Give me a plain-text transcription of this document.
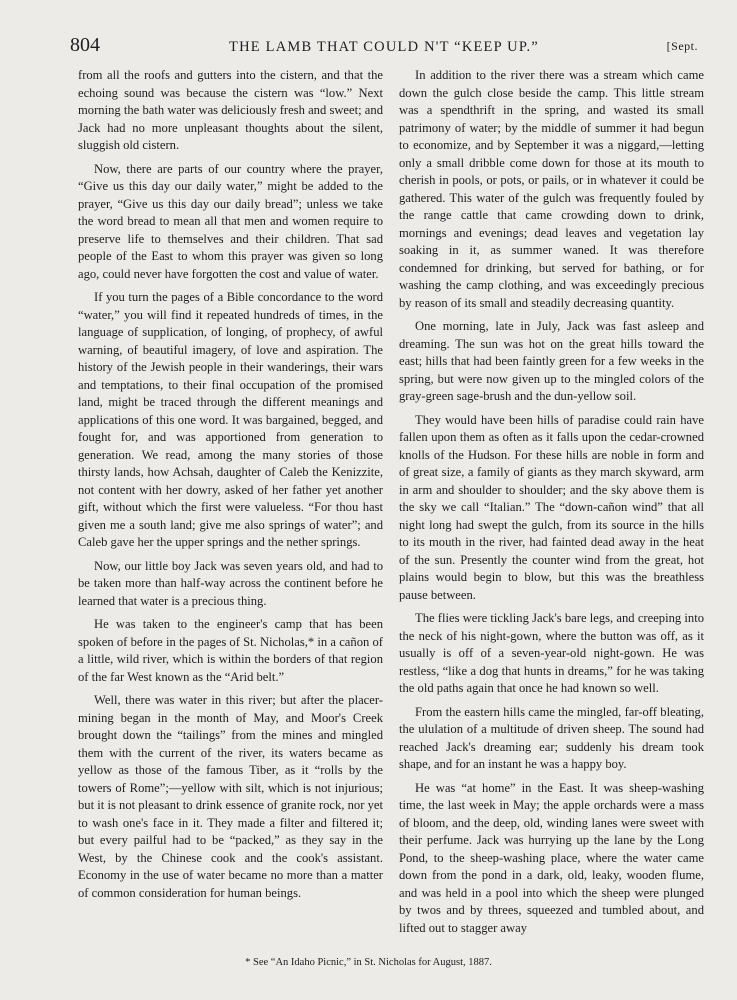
804	THE LAMB THAT COULD N'T “KEEP UP.”	[Sept.

from all the roofs and gutters into the cistern, and that the echoing sound was because the cistern was “low.” Next morning the bath water was deliciously fresh and sweet; and Jack had no more unpleasant thoughts about the silent, sluggish old cistern.

Now, there are parts of our country where the prayer, “Give us this day our daily water,” might be added to the prayer, “Give us this day our daily bread”; unless we take the word bread to mean all that men and women require to preserve life to themselves and their children. That sad people of the East to whom this prayer was given so long ago, could never have forgotten the cost and value of water.

If you turn the pages of a Bible concordance to the word “water,” you will find it repeated hundreds of times, in the language of supplication, of longing, of prophecy, of awful warning, of beautiful imagery, of love and aspiration. The history of the Jewish people in their wanderings, their wars and temptations, to their final occupation of the promised land, might be traced through the different meanings and applications of this one word. It was bargained, begged, and fought for, and was apportioned from generation to generation. We read, among the many stories of those thirsty lands, how Achsah, daughter of Caleb the Kenizzite, not content with her dowry, asked of her father yet another gift, without which the first were valueless. “For thou hast given me a south land; give me also springs of water”; and Caleb gave her the upper springs and the nether springs.

Now, our little boy Jack was seven years old, and had to be taken more than half-way across the continent before he learned that water is a precious thing.

He was taken to the engineer's camp that has been spoken of before in the pages of St. Nicholas,* in a cañon of a little, wild river, which is within the borders of that region of the far West known as the “Arid belt.”

Well, there was water in this river; but after the placer-mining began in the month of May, and Moor's Creek brought down the “tailings” from the mines and mingled them with the current of the river, its waters became as yellow as those of the famous Tiber, as it “rolls by the towers of Rome”;—yellow with silt, which is not injurious; but it is not pleasant to drink essence of granite rock, nor yet to wash one's face in it. They made a filter and filtered it; but every pailful had to be “packed,” as they say in the West, by the Chinese cook and the cook's assistant. Economy in the use of water became no more than a matter of common consideration for human beings.

In addition to the river there was a stream which came down the gulch close beside the camp. This little stream was a spendthrift in the spring, and wasted its small patrimony of water; by the middle of summer it had begun to economize, and by September it was a niggard,—letting only a small dribble come down for those at its mouth to cherish in pools, or pots, or pails, or in whatever it could be gathered. This water of the gulch was frequently fouled by the range cattle that came crowding down to drink, mornings and evenings; dead leaves and vegetation lay soaking in it, as summer waned. It was therefore condemned for drinking, but served for bathing, or for washing the camp clothing, and was exceedingly precious by reason of its small and steadily decreasing quantity.

One morning, late in July, Jack was fast asleep and dreaming. The sun was hot on the great hills toward the east; hills that had been faintly green for a few weeks in the spring, but were now given up to the mingled colors of the gray-green sage-brush and the dun-yellow soil.

They would have been hills of paradise could rain have fallen upon them as often as it falls upon the cedar-crowned knolls of the Hudson. For these hills are noble in form and of great size, a family of giants as they march skyward, arm in arm and shoulder to shoulder; and the sky above them is the sky we call “Italian.” The “down-cañon wind” that all night long had swept the gulch, from its source in the hills to its mouth in the river, had fainted dead away in the heat of the sun. Presently the counter wind from the great, hot plains would begin to blow, but this was the breathless pause between.

The flies were tickling Jack's bare legs, and creeping into the neck of his night-gown, where the button was off, as it usually is off of a seven-year-old night-gown. He was restless, “like a dog that hunts in dreams,” for he was taking the old paths again that once he had known so well.

From the eastern hills came the mingled, far-off bleating, the ululation of a multitude of driven sheep. The sound had reached Jack's dreaming ear; suddenly his dream took shape, and for an instant he was a happy boy.

He was “at home” in the East. It was sheep-washing time, the last week in May; the apple orchards were a mass of bloom, and the deep, old, winding lanes were sweet with their perfume. Jack was hurrying up the lane by the Long Pond, to the sheep-washing place, where the water came down from the pond in a dark, old, leaky, wooden flume, and was held in a pool into which the sheep were plunged by twos and by threes, squeezed and tumbled about, and lifted out to stagger away

* See “An Idaho Picnic,” in St. Nicholas for August, 1887.
